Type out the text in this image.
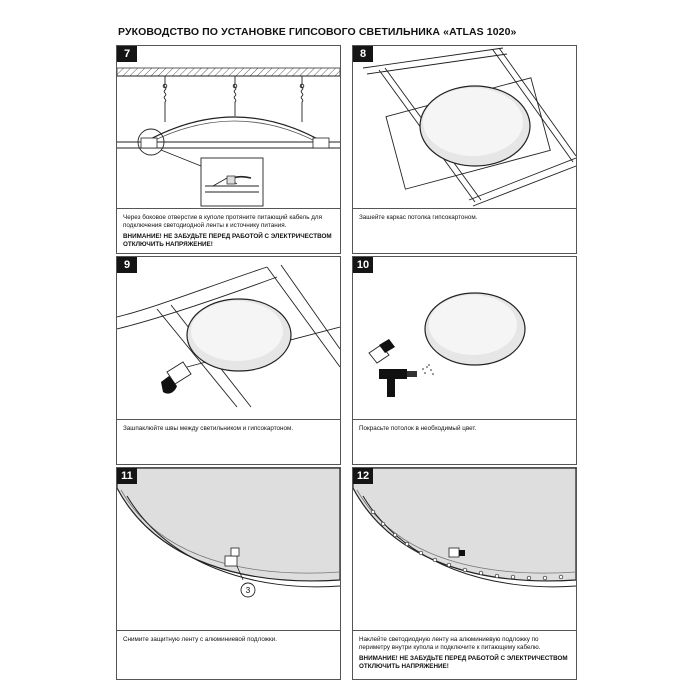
РУКОВОДСТВО ПО УСТАНОВКЕ ГИПСОВОГО СВЕТИЛЬНИКА «ATLAS 1020»
7
Через боковое отверстие в куполе протяните питающий кабель для подключения светодиодной ленты к источнику питания.
ВНИМАНИЕ! НЕ ЗАБУДЬТЕ ПЕРЕД РАБОТОЙ С ЭЛЕКТРИЧЕСТВОМ ОТКЛЮЧИТЬ НАПРЯЖЕНИЕ!
8
Зашейте каркас потолка гипсокартоном.
9
Зашпаклюйте швы между светильником и гипсокартоном.
10
Покрасьте потолок в необходимый цвет.
11
3
Снимите защитную ленту с алюминиевой подложки.
12
Наклейте светодиодную ленту на алюминиевую подложку по периметру внутри купола и подключите к питающему кабелю.
ВНИМАНИЕ! НЕ ЗАБУДЬТЕ ПЕРЕД РАБОТОЙ С ЭЛЕКТРИЧЕСТВОМ ОТКЛЮЧИТЬ НАПРЯЖЕНИЕ!
